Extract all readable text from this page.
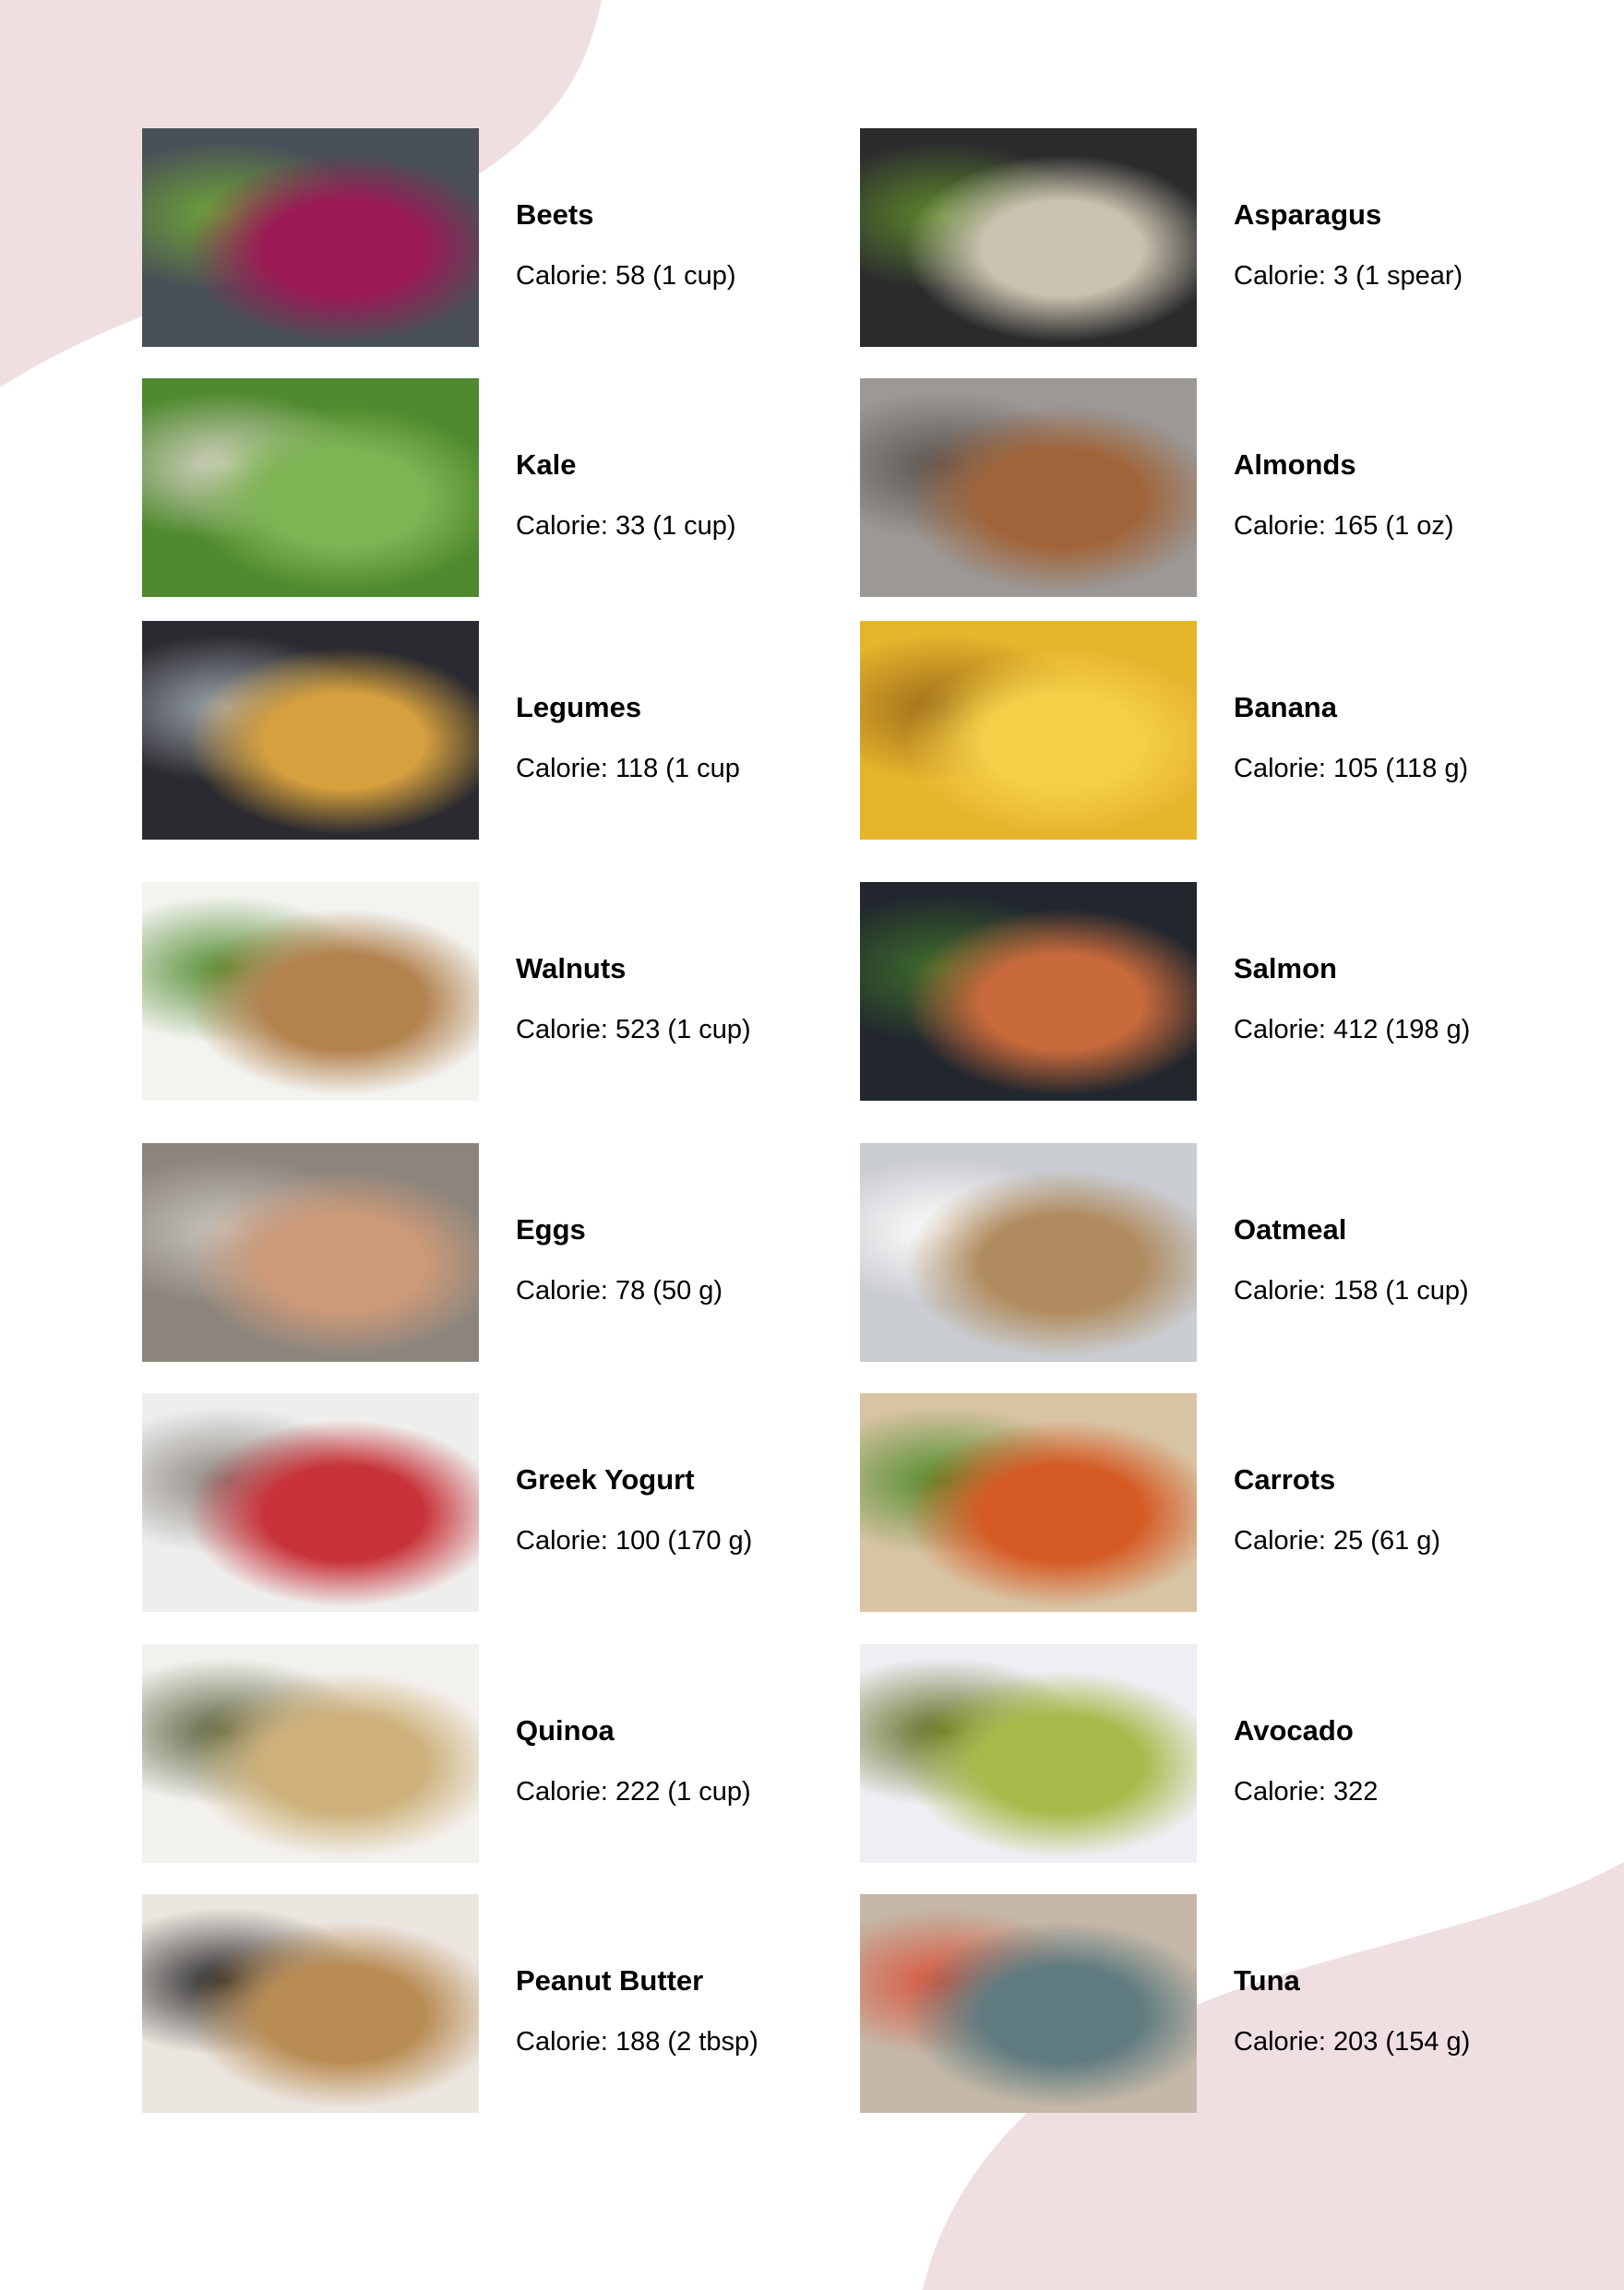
Beets
Calorie: 58 (1 cup)
Asparagus
Calorie: 3 (1 spear)
Kale
Calorie: 33 (1 cup)
Almonds
Calorie: 165 (1 oz)
Legumes
Calorie: 118 (1 cup
Banana
Calorie: 105 (118 g)
Walnuts
Calorie: 523 (1 cup)
Salmon
Calorie: 412 (198 g)
Eggs
Calorie: 78 (50 g)
Oatmeal
Calorie: 158 (1 cup)
Greek Yogurt
Calorie: 100 (170 g)
Carrots
Calorie: 25 (61 g)
Quinoa
Calorie: 222 (1 cup)
Avocado
Calorie: 322
Peanut Butter
Calorie: 188 (2 tbsp)
Tuna
Calorie: 203 (154 g)
